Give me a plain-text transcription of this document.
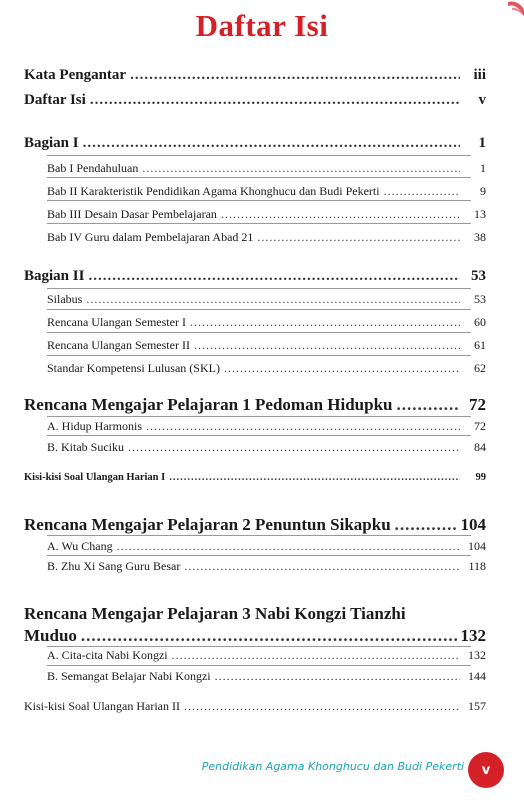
Daftar Isi
Kata Pengantar .....	iii
Daftar Isi .....	v
Bagian I .....	1
Bab I Pendahuluan .....	1
Bab II Karakteristik Pendidikan Agama Khonghucu dan Budi Pekerti .....	9
Bab III Desain Dasar Pembelajaran .....	13
Bab IV Guru dalam Pembelajaran Abad 21 .....	38
Bagian II .....	53
Silabus .....	53
Rencana Ulangan Semester I .....	60
Rencana Ulangan Semester II .....	61
Standar Kompetensi Lulusan (SKL) .....	62
Rencana Mengajar Pelajaran 1 Pedoman Hidupku .....	72
A. Hidup Harmonis .....	72
B. Kitab Suciku .....	84
Kisi-kisi Soal Ulangan Harian I .....	99
Rencana Mengajar Pelajaran 2 Penuntun Sikapku .....	104
A. Wu Chang .....	104
B. Zhu Xi Sang Guru Besar .....	118
Rencana Mengajar Pelajaran 3 Nabi Kongzi Tianzhi
Muduo .....	132
A. Cita-cita Nabi Kongzi .....	132
B. Semangat Belajar Nabi Kongzi .....	144
Kisi-kisi Soal Ulangan Harian II .....	157
Pendidikan Agama Khonghucu dan Budi Pekerti	v
